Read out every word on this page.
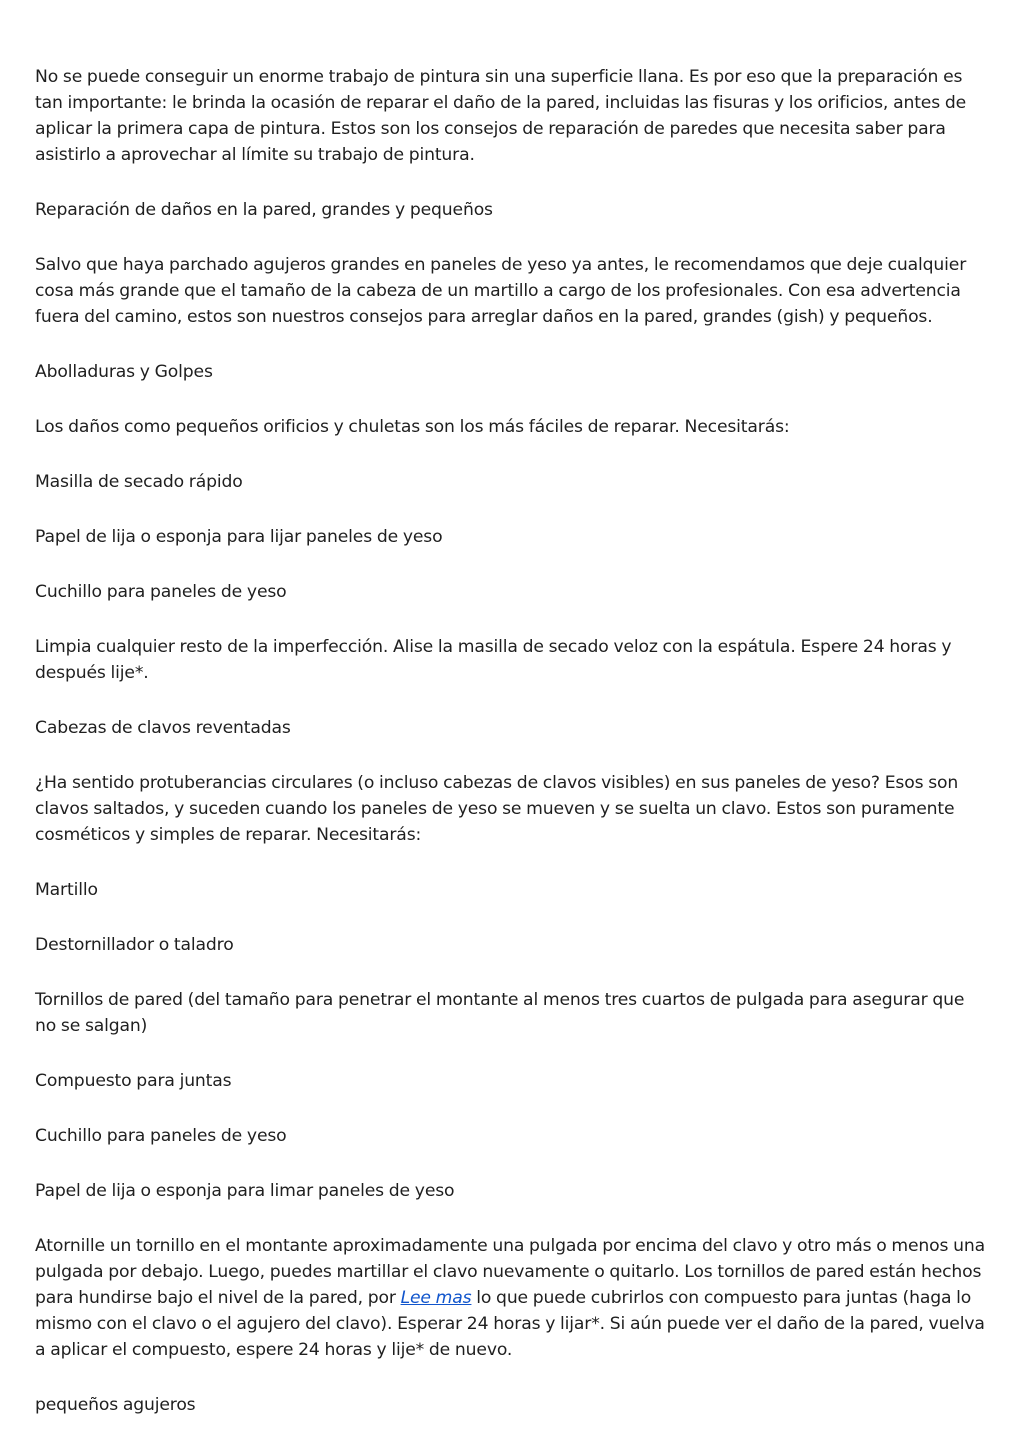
No se puede conseguir un enorme trabajo de pintura sin una superficie llana. Es por eso que la preparación es tan importante: le brinda la ocasión de reparar el daño de la pared, incluidas las fisuras y los orificios, antes de aplicar la primera capa de pintura. Estos son los consejos de reparación de paredes que necesita saber para asistirlo a aprovechar al límite su trabajo de pintura.

Reparación de daños en la pared, grandes y pequeños

Salvo que haya parchado agujeros grandes en paneles de yeso ya antes, le recomendamos que deje cualquier cosa más grande que el tamaño de la cabeza de un martillo a cargo de los profesionales. Con esa advertencia fuera del camino, estos son nuestros consejos para arreglar daños en la pared, grandes (gish) y pequeños.

Abolladuras y Golpes

Los daños como pequeños orificios y chuletas son los más fáciles de reparar. Necesitarás:

Masilla de secado rápido

Papel de lija o esponja para lijar paneles de yeso

Cuchillo para paneles de yeso

Limpia cualquier resto de la imperfección. Alise la masilla de secado veloz con la espátula. Espere 24 horas y después lije*.

Cabezas de clavos reventadas

¿Ha sentido protuberancias circulares (o incluso cabezas de clavos visibles) en sus paneles de yeso? Esos son clavos saltados, y suceden cuando los paneles de yeso se mueven y se suelta un clavo. Estos son puramente cosméticos y simples de reparar. Necesitarás:

Martillo

Destornillador o taladro

Tornillos de pared (del tamaño para penetrar el montante al menos tres cuartos de pulgada para asegurar que no se salgan)

Compuesto para juntas

Cuchillo para paneles de yeso

Papel de lija o esponja para limar paneles de yeso

Atornille un tornillo en el montante aproximadamente una pulgada por encima del clavo y otro más o menos una pulgada por debajo. Luego, puedes martillar el clavo nuevamente o quitarlo. Los tornillos de pared están hechos para hundirse bajo el nivel de la pared, por Lee mas lo que puede cubrirlos con compuesto para juntas (haga lo mismo con el clavo o el agujero del clavo). Esperar 24 horas y lijar*. Si aún puede ver el daño de la pared, vuelva a aplicar el compuesto, espere 24 horas y lije* de nuevo.

pequeños agujeros
